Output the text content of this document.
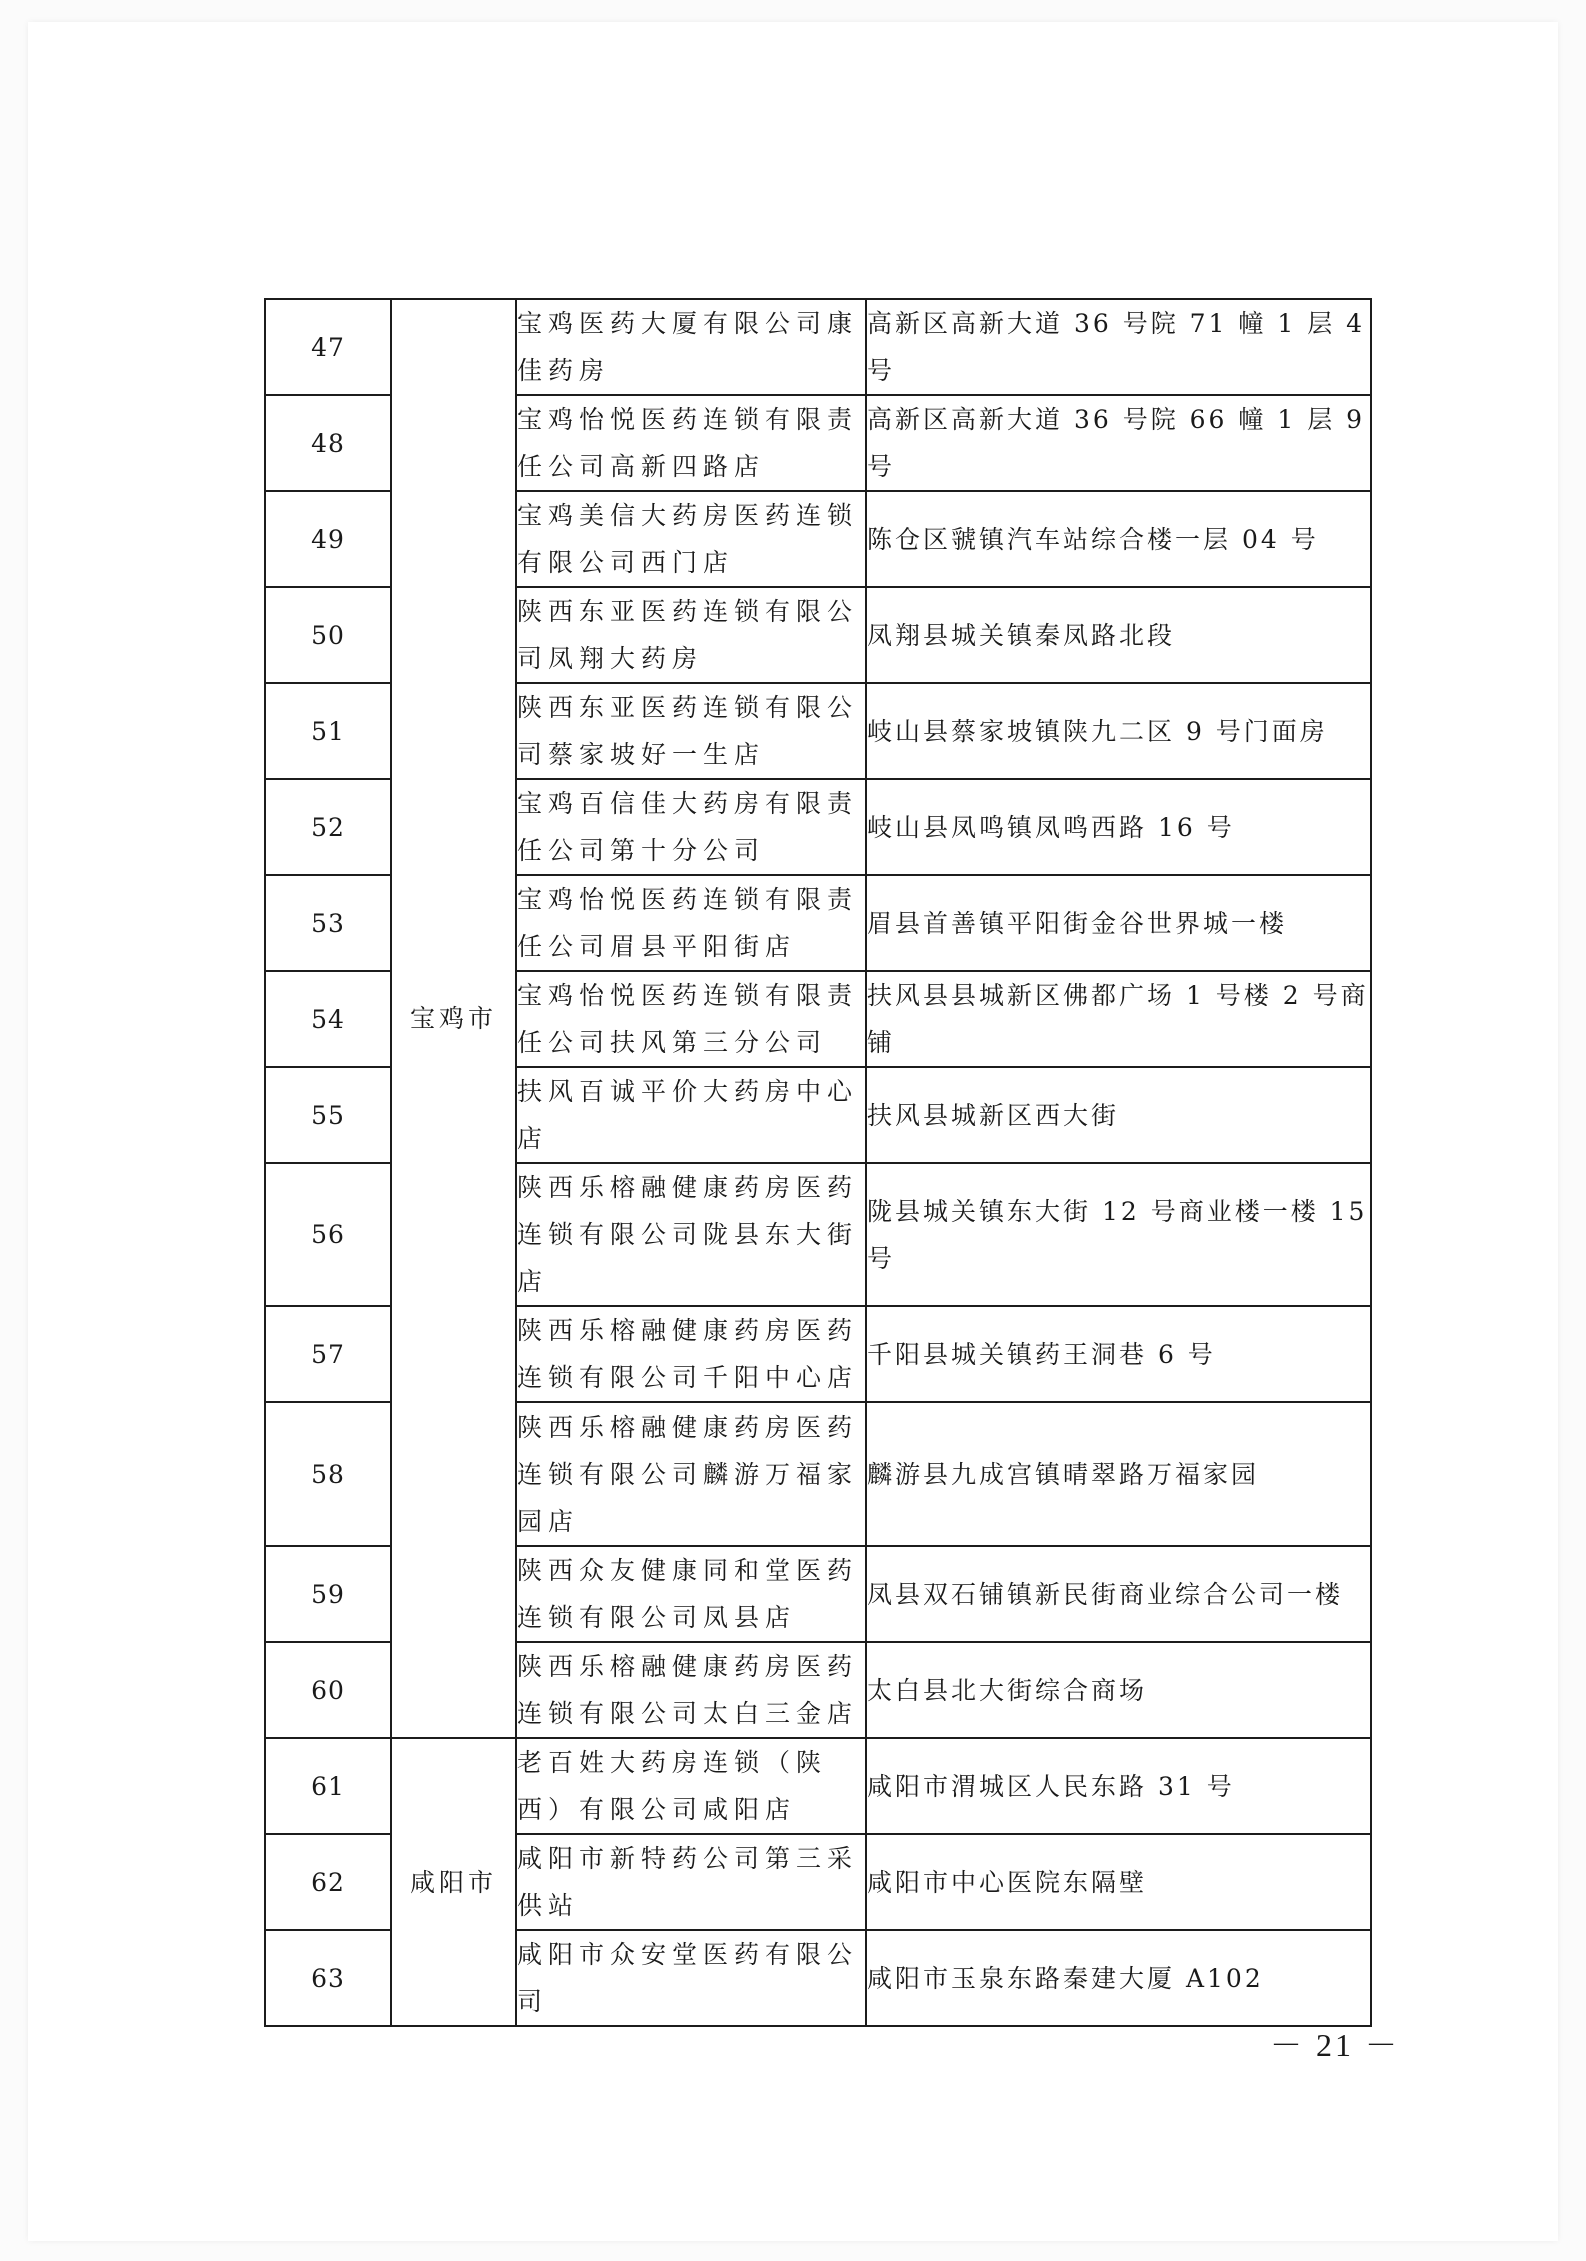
47	宝鸡市	宝鸡医药大厦有限公司康佳药房	高新区高新大道 36 号院 71 幢 1 层 4 号
48		宝鸡怡悦医药连锁有限责任公司高新四路店	高新区高新大道 36 号院 66 幢 1 层 9 号
49		宝鸡美信大药房医药连锁有限公司西门店	陈仓区虢镇汽车站综合楼一层 04 号
50		陕西东亚医药连锁有限公司凤翔大药房	凤翔县城关镇秦凤路北段
51		陕西东亚医药连锁有限公司蔡家坡好一生店	岐山县蔡家坡镇陕九二区 9 号门面房
52		宝鸡百信佳大药房有限责任公司第十分公司	岐山县凤鸣镇凤鸣西路 16 号
53		宝鸡怡悦医药连锁有限责任公司眉县平阳街店	眉县首善镇平阳街金谷世界城一楼
54		宝鸡怡悦医药连锁有限责任公司扶风第三分公司	扶风县县城新区佛都广场 1 号楼 2 号商铺
55		扶风百诚平价大药房中心店	扶风县城新区西大街
56		陕西乐榕融健康药房医药连锁有限公司陇县东大街店	陇县城关镇东大街 12 号商业楼一楼 15 号
57		陕西乐榕融健康药房医药连锁有限公司千阳中心店	千阳县城关镇药王洞巷 6 号
58		陕西乐榕融健康药房医药连锁有限公司麟游万福家园店	麟游县九成宫镇晴翠路万福家园
59		陕西众友健康同和堂医药连锁有限公司凤县店	凤县双石铺镇新民街商业综合公司一楼
60		陕西乐榕融健康药房医药连锁有限公司太白三金店	太白县北大街综合商场
61	咸阳市	老百姓大药房连锁（陕西）有限公司咸阳店	咸阳市渭城区人民东路 31 号
62		咸阳市新特药公司第三采供站	咸阳市中心医院东隔壁
63		咸阳市众安堂医药有限公司	咸阳市玉泉东路秦建大厦 A102
－ 21 －
